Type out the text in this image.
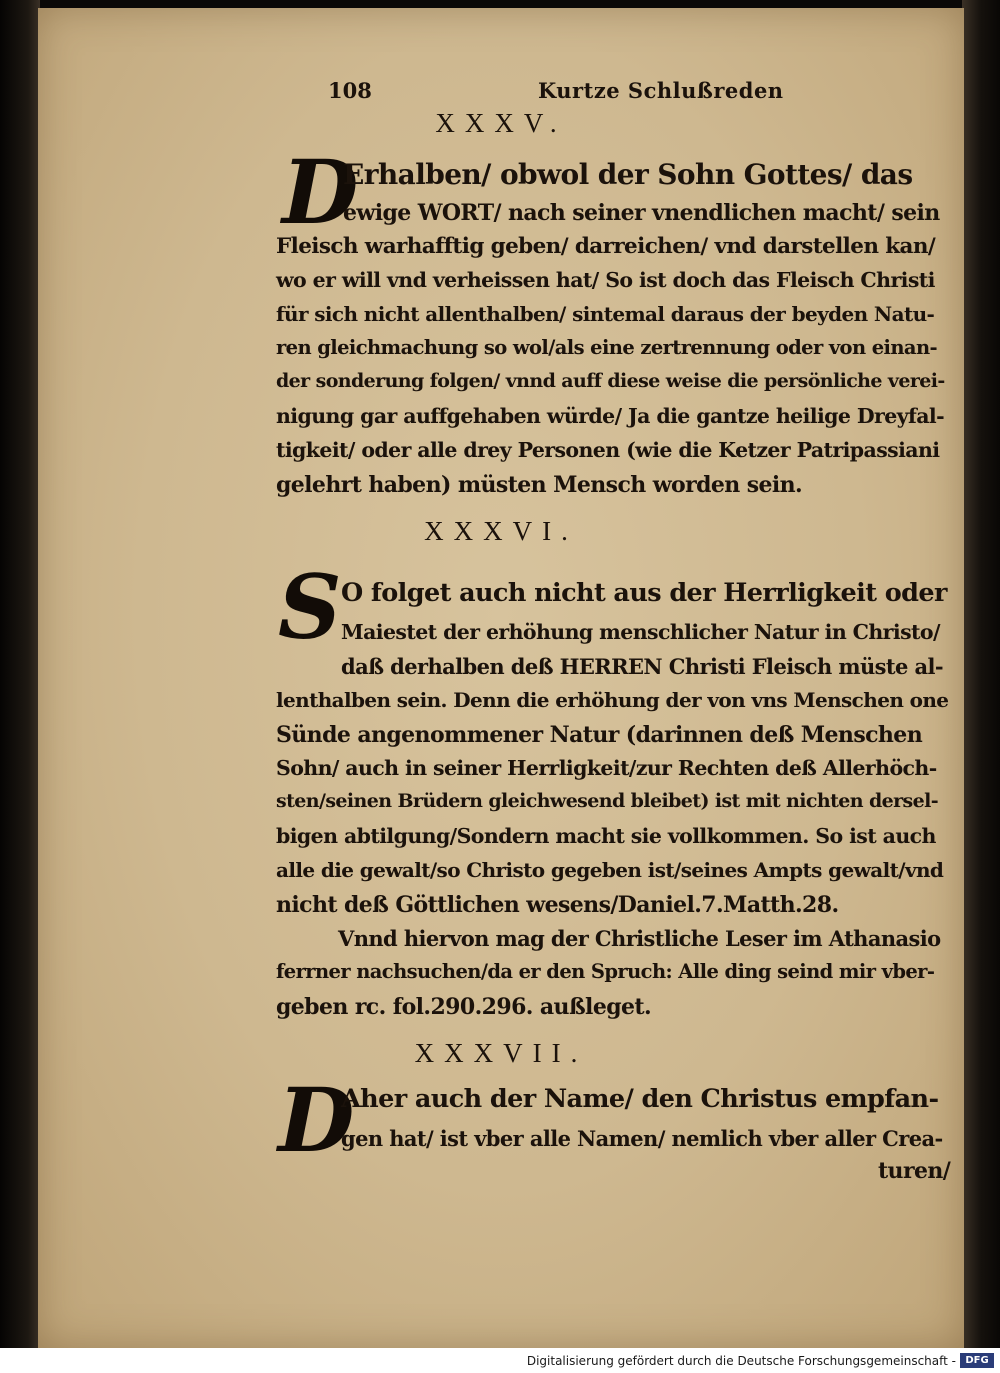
108	Kurtze Schlußreden
XXXV.
D
Erhalben/ obwol der Sohn Gottes/ das
ewige WORT/ nach seiner vnendlichen macht/ sein
Fleisch warhafftig geben/ darreichen/ vnd darstellen kan/
wo er will vnd verheissen hat/ So ist doch das Fleisch Christi
für sich nicht allenthalben/ sintemal daraus der beyden Natu-
ren gleichmachung so wol/als eine zertrennung oder von einan-
der sonderung folgen/ vnnd auff diese weise die persönliche verei-
nigung gar auffgehaben würde/ Ja die gantze heilige Dreyfal-
tigkeit/ oder alle drey Personen (wie die Ketzer Patripassiani
gelehrt haben) müsten Mensch worden sein.
XXXVI.
S O folget auch nicht aus der Herrligkeit oder
Maiestet der erhöhung menschlicher Natur in Christo/
daß derhalben deß HERREN Christi Fleisch müste al-
lenthalben sein. Denn die erhöhung der von vns Menschen one
Sünde angenommener Natur (darinnen deß Menschen
Sohn/ auch in seiner Herrligkeit/zur Rechten deß Allerhöch-
sten/seinen Brüdern gleichwesend bleibet) ist mit nichten dersel-
bigen abtilgung/Sondern macht sie vollkommen. So ist auch
alle die gewalt/so Christo gegeben ist/seines Ampts gewalt/vnd
nicht deß Göttlichen wesens/Daniel.7.Matth.28.
Vnnd hiervon mag der Christliche Leser im Athanasio
ferrner nachsuchen/da er den Spruch: Alle ding seind mir vber-
geben rc. fol.290.296. außleget.
XXXVII.
D
Aher auch der Name/ den Christus empfan-
gen hat/ ist vber alle Namen/ nemlich vber aller Crea-
turen/
Digitalisierung gefördert durch die Deutsche Forschungsgemeinschaft - DFG
